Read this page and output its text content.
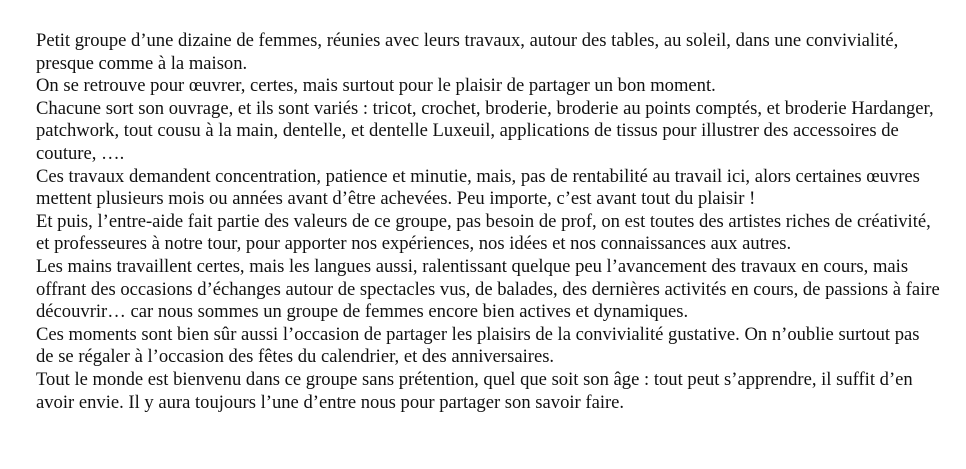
Petit groupe d’une dizaine de femmes, réunies avec leurs travaux, autour des tables, au soleil, dans une convivialité, presque comme à la maison.

On se retrouve pour œuvrer, certes, mais surtout pour le plaisir de partager un bon moment.

Chacune sort son ouvrage, et ils sont variés : tricot, crochet, broderie, broderie au points comptés, et broderie Hardanger, patchwork, tout cousu à la main, dentelle, et dentelle Luxeuil, applications de tissus pour illustrer des accessoires de couture, ….

Ces travaux demandent concentration, patience et minutie, mais, pas de rentabilité au travail ici, alors certaines œuvres mettent plusieurs mois ou années avant d’être achevées. Peu importe, c’est avant tout du plaisir !

Et puis, l’entre-aide fait partie des valeurs de ce groupe, pas besoin de prof, on est toutes des artistes riches de créativité, et professeures à notre tour, pour apporter nos expériences, nos idées et nos connaissances aux autres.

Les mains travaillent certes, mais les langues aussi, ralentissant quelque peu l’avancement des travaux en cours, mais offrant des occasions d’échanges autour de spectacles vus, de balades, des dernières activités en cours, de passions à faire découvrir… car nous sommes un groupe de femmes encore bien actives et dynamiques.

Ces moments sont bien sûr aussi l’occasion de partager les plaisirs de la convivialité gustative. On n’oublie surtout pas de se régaler à l’occasion des fêtes du calendrier, et des anniversaires.

Tout le monde est bienvenu dans ce groupe sans prétention, quel que soit son âge : tout peut s’apprendre, il suffit d’en avoir envie. Il y aura toujours l’une d’entre nous pour partager son savoir faire.
